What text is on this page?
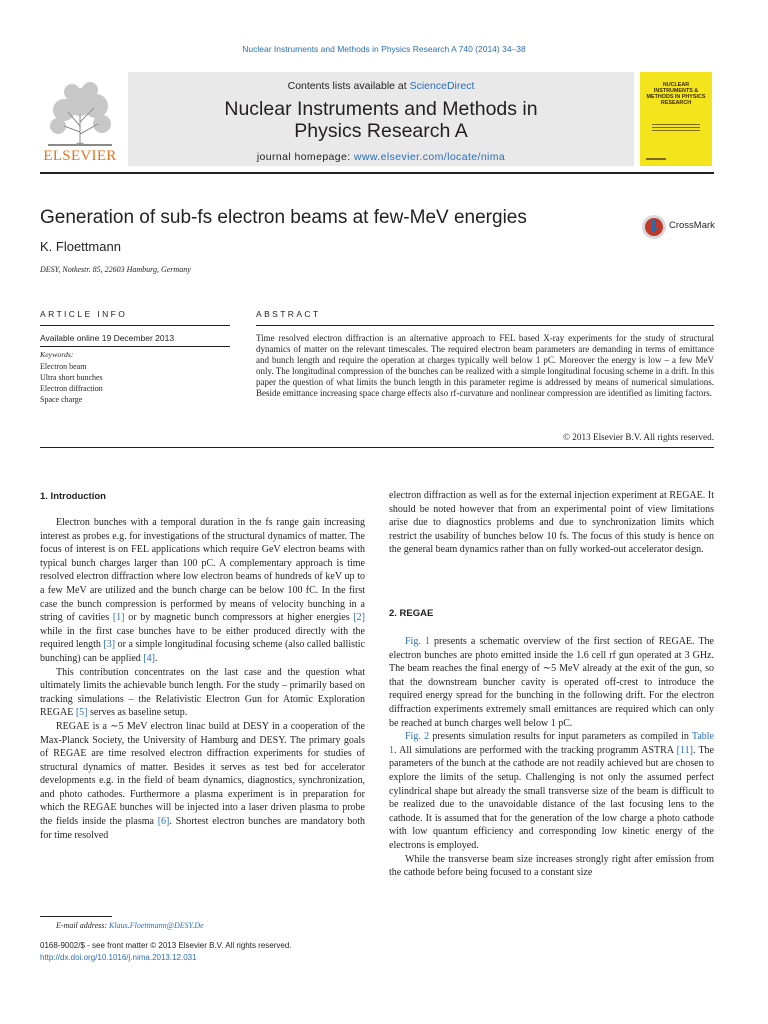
Nuclear Instruments and Methods in Physics Research A 740 (2014) 34–38
ELSEVIER
Contents lists available at ScienceDirect
Nuclear Instruments and Methods in
Physics Research A
journal homepage: www.elsevier.com/locate/nima
NUCLEAR INSTRUMENTS & METHODS IN PHYSICS RESEARCH
Generation of sub-fs electron beams at few-MeV energies	CrossMark
K. Floettmann
DESY, Notkestr. 85, 22603 Hamburg, Germany
ARTICLE INFO	ABSTRACT
Available online 19 December 2013
Keywords:
Electron beam
Ultra short bunches
Electron diffraction
Space charge
Time resolved electron diffraction is an alternative approach to FEL based X-ray experiments for the study of structural dynamics of matter on the relevant timescales. The required electron beam parameters are demanding in terms of emittance and bunch length and require the operation at charges typically well below 1 pC. Moreover the energy is low – a few MeV only. The longitudinal compression of the bunches can be realized with a simple longitudinal focusing scheme in a drift. In this paper the question of what limits the bunch length in this parameter regime is addressed by means of numerical simulations. Beside emittance increasing space charge effects also rf-curvature and nonlinear compression are identified as limiting factors.
© 2013 Elsevier B.V. All rights reserved.
1. Introduction

Electron bunches with a temporal duration in the fs range gain increasing interest as probes e.g. for investigations of the structural dynamics of matter. The focus of interest is on FEL applications which require GeV electron beams with typical bunch charges larger than 100 pC. A complementary approach is time resolved electron diffraction where low electron beams of hundreds of keV up to a few MeV are utilized and the bunch charge can be below 100 fC. In the first case the bunch compression is performed by means of velocity bunching in a string of cavities [1] or by magnetic bunch compressors at higher energies [2] while in the first case bunches have to be either produced directly with the required length [3] or a simple longitudinal focusing scheme (also called ballistic bunching) can be applied [4].

This contribution concentrates on the last case and the question what ultimately limits the achievable bunch length. For the study – primarily based on tracking simulations – the Relativistic Electron Gun for Atomic Exploration REGAE [5] serves as baseline setup.

REGAE is a ∼5 MeV electron linac build at DESY in a cooperation of the Max-Planck Society, the University of Hamburg and DESY. The primary goals of REGAE are time resolved electron diffraction experiments for studies of structural dynamics of matter. Besides it serves as test bed for accelerator developments e.g. in the field of beam dynamics, diagnostics, synchronization, and photo cathodes. Furthermore a plasma experiment is in preparation for which the REGAE bunches will be injected into a laser driven plasma to probe the fields inside the plasma [6]. Shortest electron bunches are mandatory both for time resolved

electron diffraction as well as for the external injection experiment at REGAE. It should be noted however that from an experimental point of view limitations arise due to diagnostics problems and due to synchronization limits which restrict the usability of bunches below 10 fs. The focus of this study is hence on the general beam dynamics rather than on fully worked-out accelerator design.

2. REGAE

Fig. 1 presents a schematic overview of the first section of REGAE. The electron bunches are photo emitted inside the 1.6 cell rf gun operated at 3 GHz. The beam reaches the final energy of ∼5 MeV already at the exit of the gun, so that the downstream buncher cavity is operated off-crest to introduce the required energy spread for the bunching in the following drift. For the electron diffraction experiments extremely small emittances are required which can only be reached at bunch charges well below 1 pC.

Fig. 2 presents simulation results for input parameters as compiled in Table 1. All simulations are performed with the tracking programm ASTRA [11]. The parameters of the bunch at the cathode are not readily achieved but are chosen to explore the limits of the setup. Challenging is not only the assumed perfect cylindrical shape but already the small transverse size of the beam is difficult to be realized due to the unavoidable distance of the last focusing lens to the cathode. It is assumed that for the generation of the low charge a photo cathode with low quantum efficiency and corresponding low kinetic energy of the electrons is employed.

While the transverse beam size increases strongly right after emission from the cathode before being focused to a constant size

E-mail address: Klaus.Floettmann@DESY.De
0168-9002/$ - see front matter © 2013 Elsevier B.V. All rights reserved.
http://dx.doi.org/10.1016/j.nima.2013.12.031
